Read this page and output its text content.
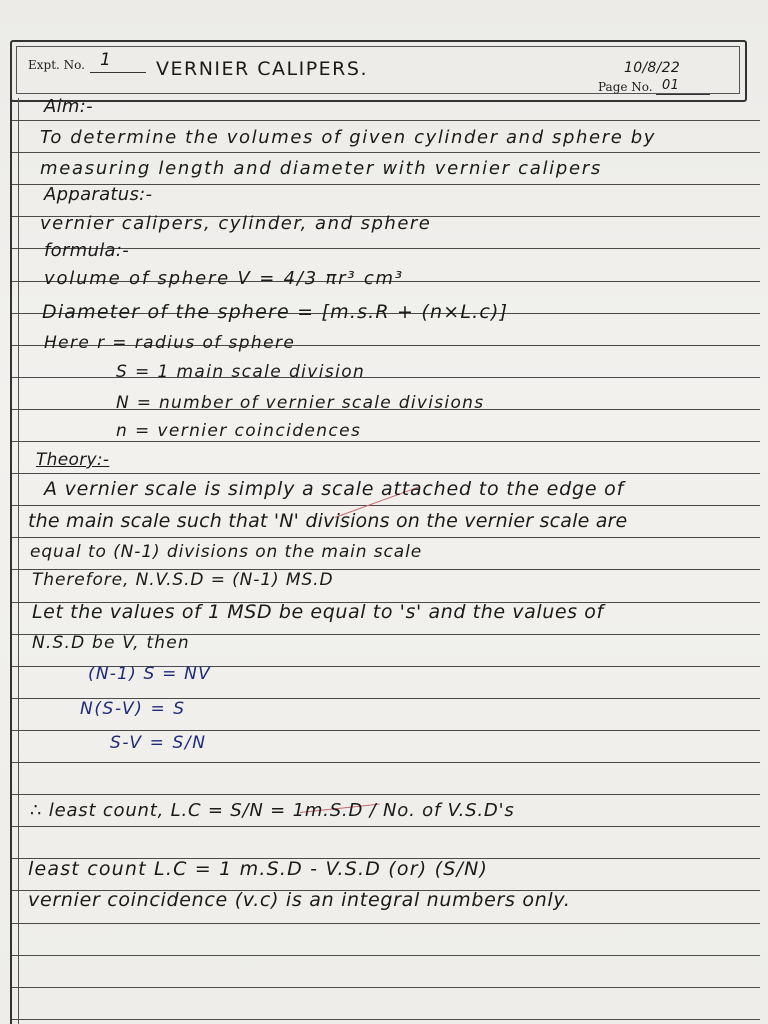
Expt. No. 1 VERNIER CALIPERS.	10/8/22
Page No. 01
Aim:-
To determine the volumes of given cylinder and sphere by
measuring length and diameter with vernier calipers
Apparatus:-
vernier calipers, cylinder, and sphere
formula:-
volume of sphere V = 4/3 πr³ cm³
Diameter of the sphere = [m.s.R + (n×L.c)]
Here r = radius of sphere
S = 1 main scale division
N = number of vernier scale divisions
n = vernier coincidences
Theory:-
A vernier scale is simply a scale attached to the edge of
the main scale such that 'N' divisions on the vernier scale are
equal to (N-1) divisions on the main scale
Therefore, N.V.S.D = (N-1) MS.D
Let the values of 1 MSD be equal to 's' and the values of
N.S.D be V, then
(N-1) S = NV
N(S-V) = S
S-V = S/N
∴ least count, L.C = S/N = 1m.S.D / No. of V.S.D's
least count L.C = 1 m.S.D - V.S.D (or) (S/N)
vernier coincidence (v.c) is an integral numbers only.
